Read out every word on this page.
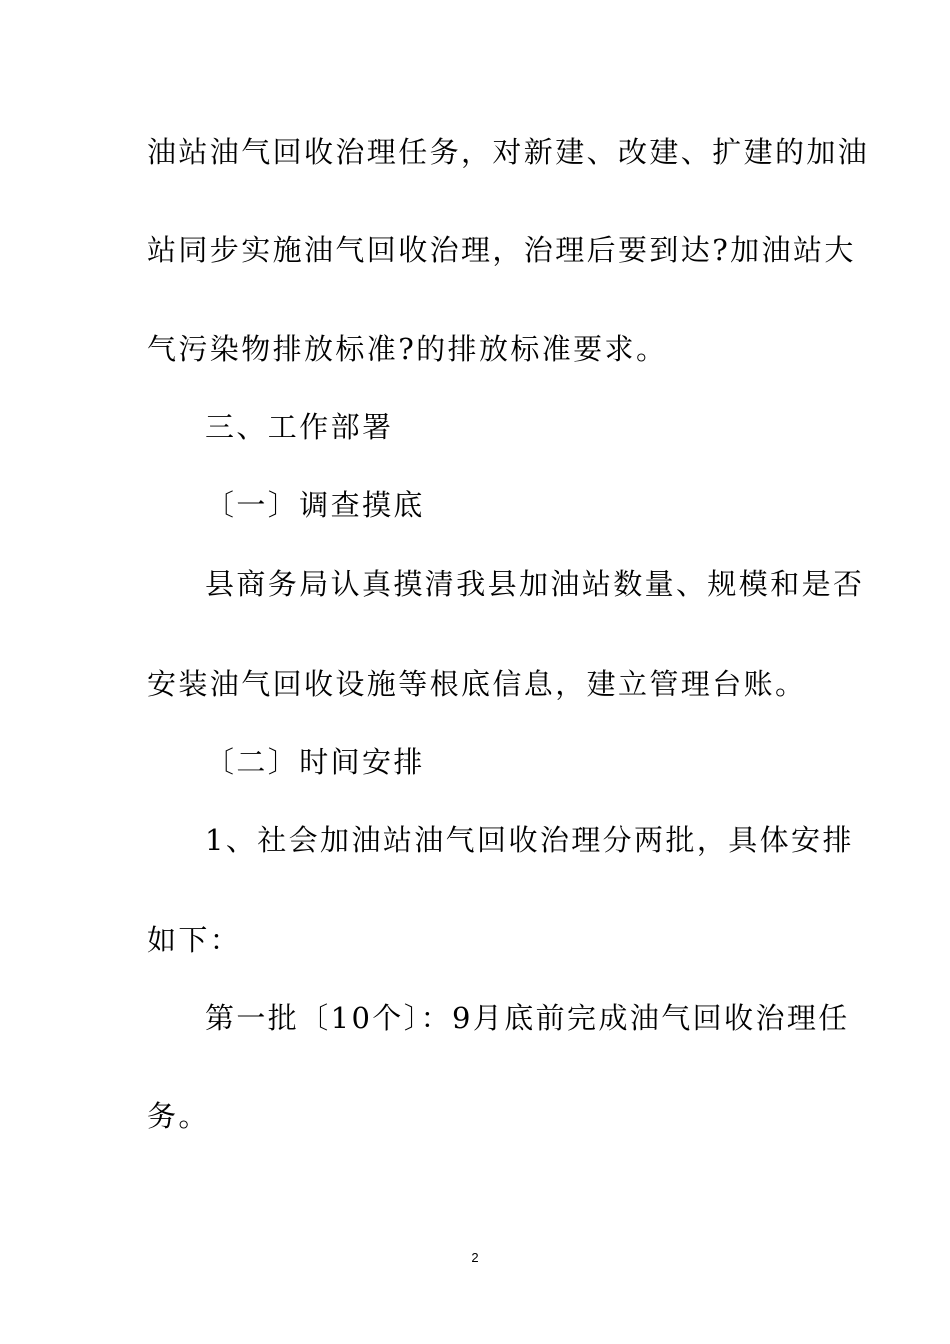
油站油气回收治理任务，对新建、改建、扩建的加油
站同步实施油气回收治理，治理后要到达?加油站大
气污染物排放标准?的排放标准要求。
三、工作部署
〔一〕调查摸底
县商务局认真摸清我县加油站数量、规模和是否
安装油气回收设施等根底信息，建立管理台账。
〔二〕时间安排
1、社会加油站油气回收治理分两批，具体安排
如下：
第一批〔10个〕：9月底前完成油气回收治理任
务。
2
